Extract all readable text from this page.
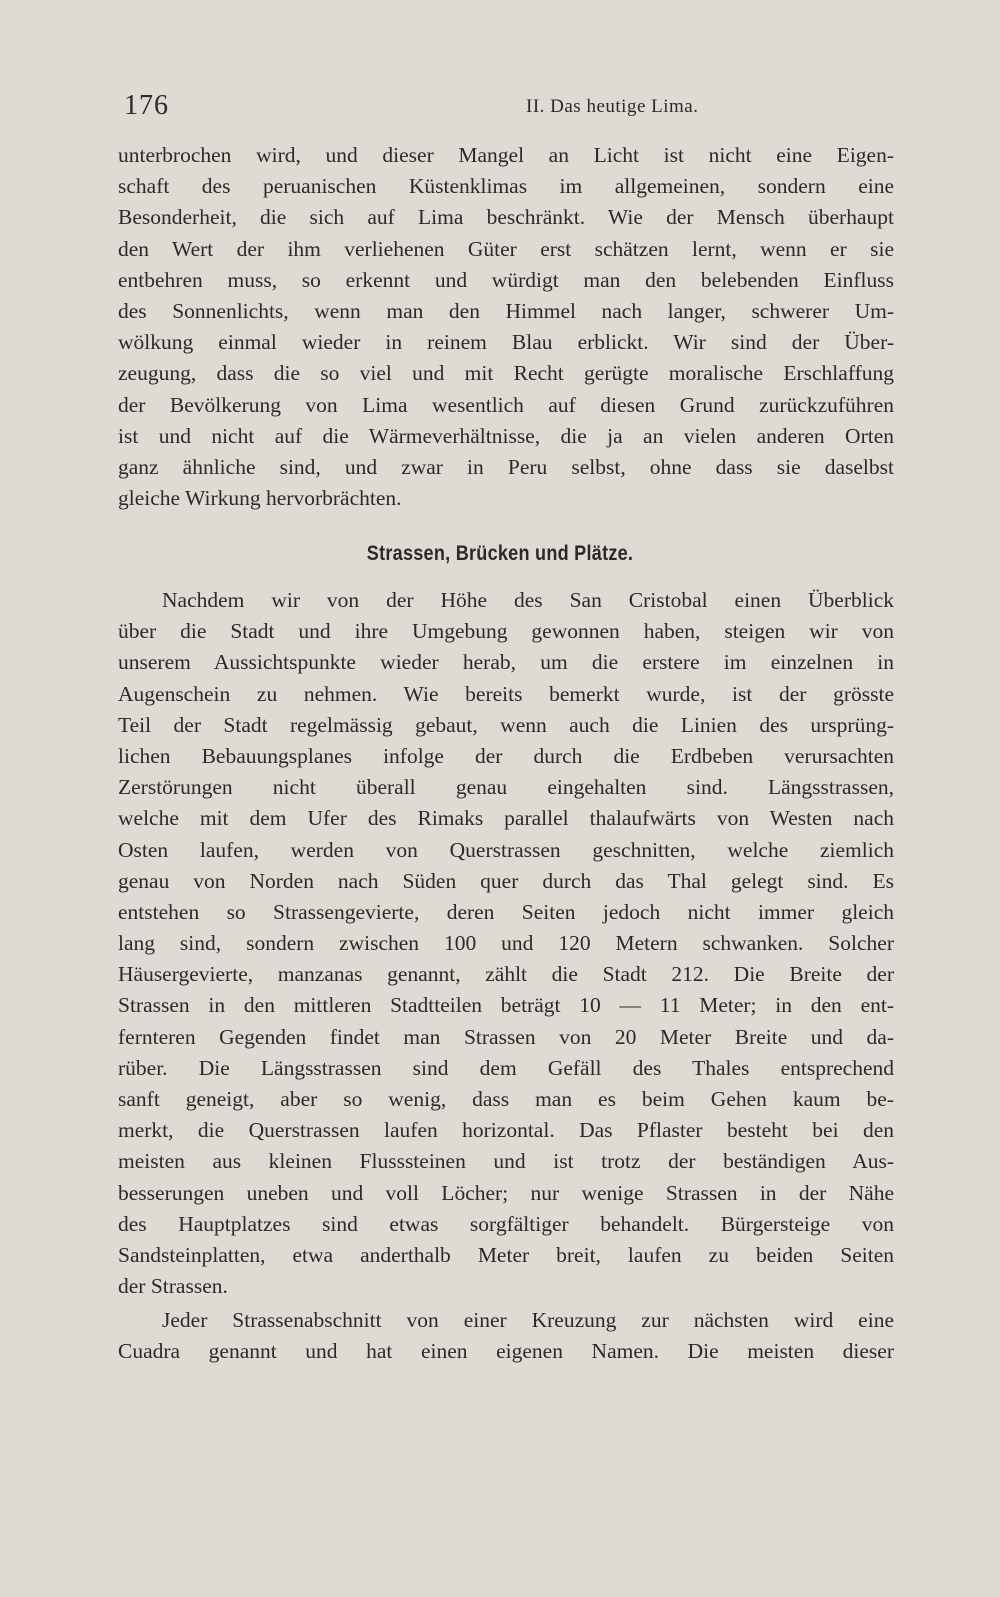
176	II. Das heutige Lima.
unterbrochen wird, und dieser Mangel an Licht ist nicht eine Eigen-
schaft des peruanischen Küstenklimas im allgemeinen, sondern eine
Besonderheit, die sich auf Lima beschränkt. Wie der Mensch überhaupt
den Wert der ihm verliehenen Güter erst schätzen lernt, wenn er sie
entbehren muss, so erkennt und würdigt man den belebenden Einfluss
des Sonnenlichts, wenn man den Himmel nach langer, schwerer Um-
wölkung einmal wieder in reinem Blau erblickt. Wir sind der Über-
zeugung, dass die so viel und mit Recht gerügte moralische Erschlaffung
der Bevölkerung von Lima wesentlich auf diesen Grund zurückzuführen
ist und nicht auf die Wärmeverhältnisse, die ja an vielen anderen Orten
ganz ähnliche sind, und zwar in Peru selbst, ohne dass sie daselbst
gleiche Wirkung hervorbrächten.
Strassen, Brücken und Plätze.
Nachdem wir von der Höhe des San Cristobal einen Überblick
über die Stadt und ihre Umgebung gewonnen haben, steigen wir von
unserem Aussichtspunkte wieder herab, um die erstere im einzelnen in
Augenschein zu nehmen. Wie bereits bemerkt wurde, ist der grösste
Teil der Stadt regelmässig gebaut, wenn auch die Linien des ursprüng-
lichen Bebauungsplanes infolge der durch die Erdbeben verursachten
Zerstörungen nicht überall genau eingehalten sind. Längsstrassen,
welche mit dem Ufer des Rimaks parallel thalaufwärts von Westen nach
Osten laufen, werden von Querstrassen geschnitten, welche ziemlich
genau von Norden nach Süden quer durch das Thal gelegt sind. Es
entstehen so Strassengevierte, deren Seiten jedoch nicht immer gleich
lang sind, sondern zwischen 100 und 120 Metern schwanken. Solcher
Häusergevierte, manzanas genannt, zählt die Stadt 212. Die Breite der
Strassen in den mittleren Stadtteilen beträgt 10 — 11 Meter; in den ent-
fernteren Gegenden findet man Strassen von 20 Meter Breite und da-
rüber. Die Längsstrassen sind dem Gefäll des Thales entsprechend
sanft geneigt, aber so wenig, dass man es beim Gehen kaum be-
merkt, die Querstrassen laufen horizontal. Das Pflaster besteht bei den
meisten aus kleinen Flusssteinen und ist trotz der beständigen Aus-
besserungen uneben und voll Löcher; nur wenige Strassen in der Nähe
des Hauptplatzes sind etwas sorgfältiger behandelt. Bürgersteige von
Sandsteinplatten, etwa anderthalb Meter breit, laufen zu beiden Seiten
der Strassen.
Jeder Strassenabschnitt von einer Kreuzung zur nächsten wird eine
Cuadra genannt und hat einen eigenen Namen. Die meisten dieser
